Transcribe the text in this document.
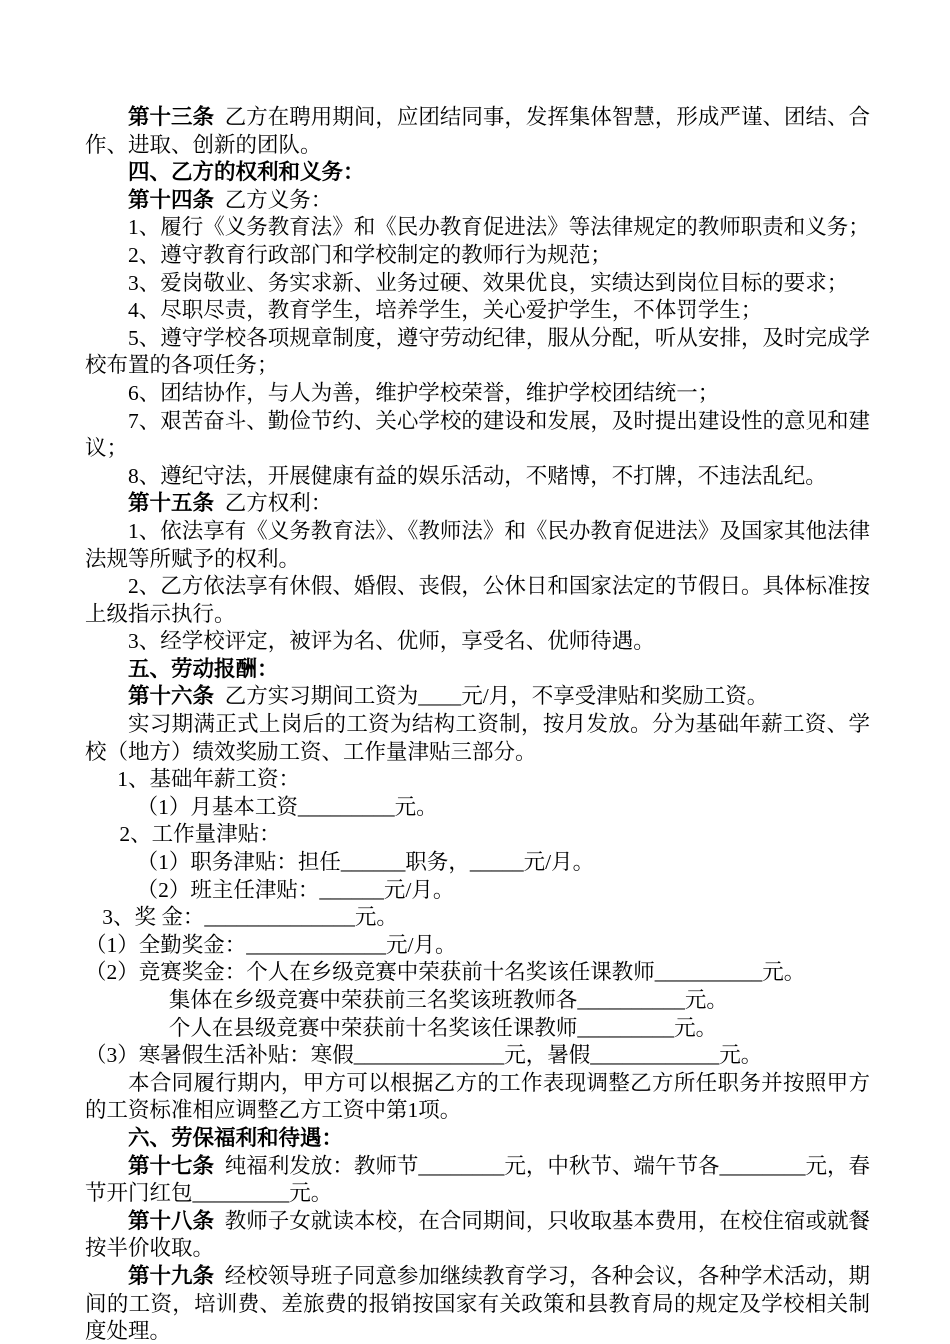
第十三条 乙方在聘用期间，应团结同事，发挥集体智慧，形成严谨、团结、合作、进取、创新的团队。

四、乙方的权利和义务：

第十四条 乙方义务：

1、履行《义务教育法》和《民办教育促进法》等法律规定的教师职责和义务；

2、遵守教育行政部门和学校制定的教师行为规范；

3、爱岗敬业、务实求新、业务过硬、效果优良，实绩达到岗位目标的要求；

4、尽职尽责，教育学生，培养学生，关心爱护学生，不体罚学生；

5、遵守学校各项规章制度，遵守劳动纪律，服从分配，听从安排，及时完成学校布置的各项任务；

6、团结协作，与人为善，维护学校荣誉，维护学校团结统一；

7、艰苦奋斗、勤俭节约、关心学校的建设和发展，及时提出建设性的意见和建议；

8、遵纪守法，开展健康有益的娱乐活动，不赌博，不打牌，不违法乱纪。

第十五条 乙方权利：

1、依法享有《义务教育法》、《教师法》和《民办教育促进法》及国家其他法律法规等所赋予的权利。

2、乙方依法享有休假、婚假、丧假，公休日和国家法定的节假日。具体标准按上级指示执行。

3、经学校评定，被评为名、优师，享受名、优师待遇。

五、劳动报酬：

第十六条 乙方实习期间工资为____元/月，不享受津贴和奖励工资。

实习期满正式上岗后的工资为结构工资制，按月发放。分为基础年薪工资、学校（地方）绩效奖励工资、工作量津贴三部分。

1、基础年薪工资：

（1）月基本工资_________元。

2、工作量津贴：

（1）职务津贴：担任______职务，_____元/月。

（2）班主任津贴：______元/月。

3、奖 金：______________元。

（1）全勤奖金：_____________元/月。

（2）竞赛奖金：个人在乡级竞赛中荣获前十名奖该任课教师__________元。

集体在乡级竞赛中荣获前三名奖该班教师各__________元。

个人在县级竞赛中荣获前十名奖该任课教师_________元。

（3）寒暑假生活补贴：寒假______________元，暑假____________元。

本合同履行期内，甲方可以根据乙方的工作表现调整乙方所任职务并按照甲方的工资标准相应调整乙方工资中第1项。

六、劳保福利和待遇：

第十七条 纯福利发放：教师节________元，中秋节、端午节各________元，春节开门红包_________元。

第十八条 教师子女就读本校，在合同期间，只收取基本费用，在校住宿或就餐按半价收取。

第十九条 经校领导班子同意参加继续教育学习，各种会议，各种学术活动，期间的工资，培训费、差旅费的报销按国家有关政策和县教育局的规定及学校相关制度处理。
